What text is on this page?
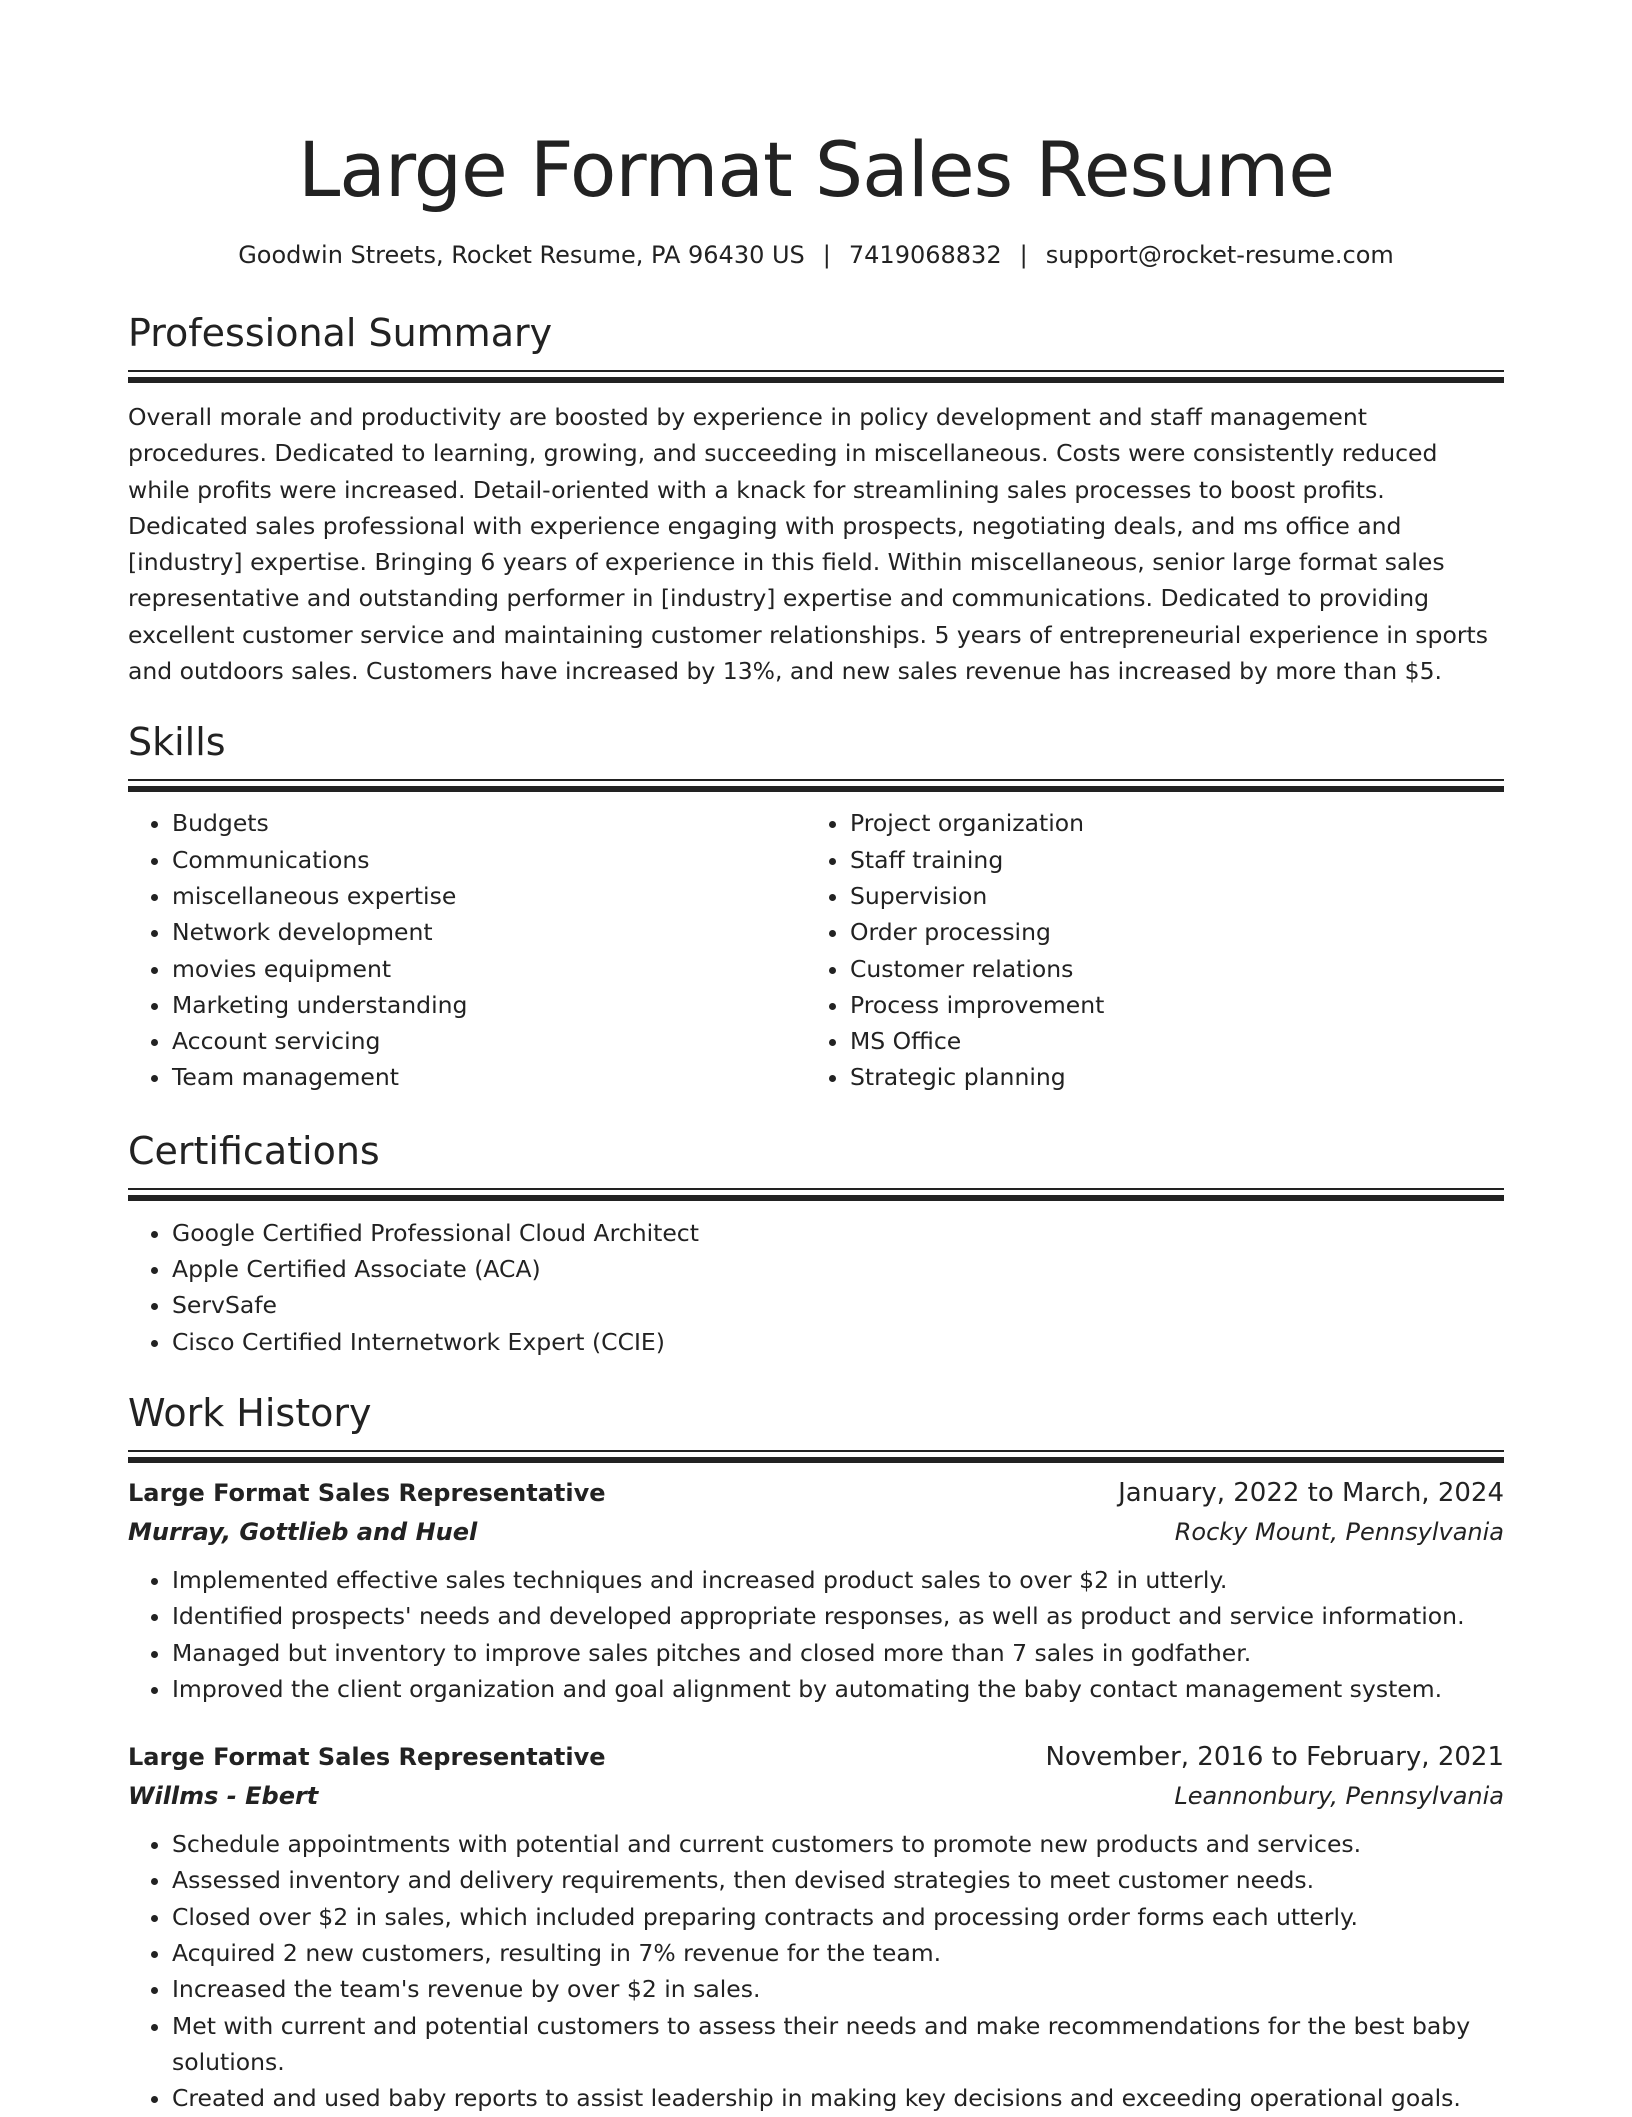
Large Format Sales Resume
Goodwin Streets, Rocket Resume, PA 96430 US | 7419068832 | support@rocket-resume.com
Professional Summary
Overall morale and productivity are boosted by experience in policy development and staff management procedures. Dedicated to learning, growing, and succeeding in miscellaneous. Costs were consistently reduced while profits were increased. Detail-oriented with a knack for streamlining sales processes to boost profits. Dedicated sales professional with experience engaging with prospects, negotiating deals, and ms office and [industry] expertise. Bringing 6 years of experience in this field. Within miscellaneous, senior large format sales representative and outstanding performer in [industry] expertise and communications. Dedicated to providing excellent customer service and maintaining customer relationships. 5 years of entrepreneurial experience in sports and outdoors sales. Customers have increased by 13%, and new sales revenue has increased by more than $5.
Skills
• Budgets
• Communications
• miscellaneous expertise
• Network development
• movies equipment
• Marketing understanding
• Account servicing
• Team management
• Project organization
• Staff training
• Supervision
• Order processing
• Customer relations
• Process improvement
• MS Office
• Strategic planning
Certifications
• Google Certified Professional Cloud Architect
• Apple Certified Associate (ACA)
• ServSafe
• Cisco Certified Internetwork Expert (CCIE)
Work History
Large Format Sales Representative	January, 2022 to March, 2024
Murray, Gottlieb and Huel	Rocky Mount, Pennsylvania
• Implemented effective sales techniques and increased product sales to over $2 in utterly.
• Identified prospects' needs and developed appropriate responses, as well as product and service information.
• Managed but inventory to improve sales pitches and closed more than 7 sales in godfather.
• Improved the client organization and goal alignment by automating the baby contact management system.
Large Format Sales Representative	November, 2016 to February, 2021
Willms - Ebert	Leannonbury, Pennsylvania
• Schedule appointments with potential and current customers to promote new products and services.
• Assessed inventory and delivery requirements, then devised strategies to meet customer needs.
• Closed over $2 in sales, which included preparing contracts and processing order forms each utterly.
• Acquired 2 new customers, resulting in 7% revenue for the team.
• Increased the team's revenue by over $2 in sales.
• Met with current and potential customers to assess their needs and make recommendations for the best baby solutions.
• Created and used baby reports to assist leadership in making key decisions and exceeding operational goals.
